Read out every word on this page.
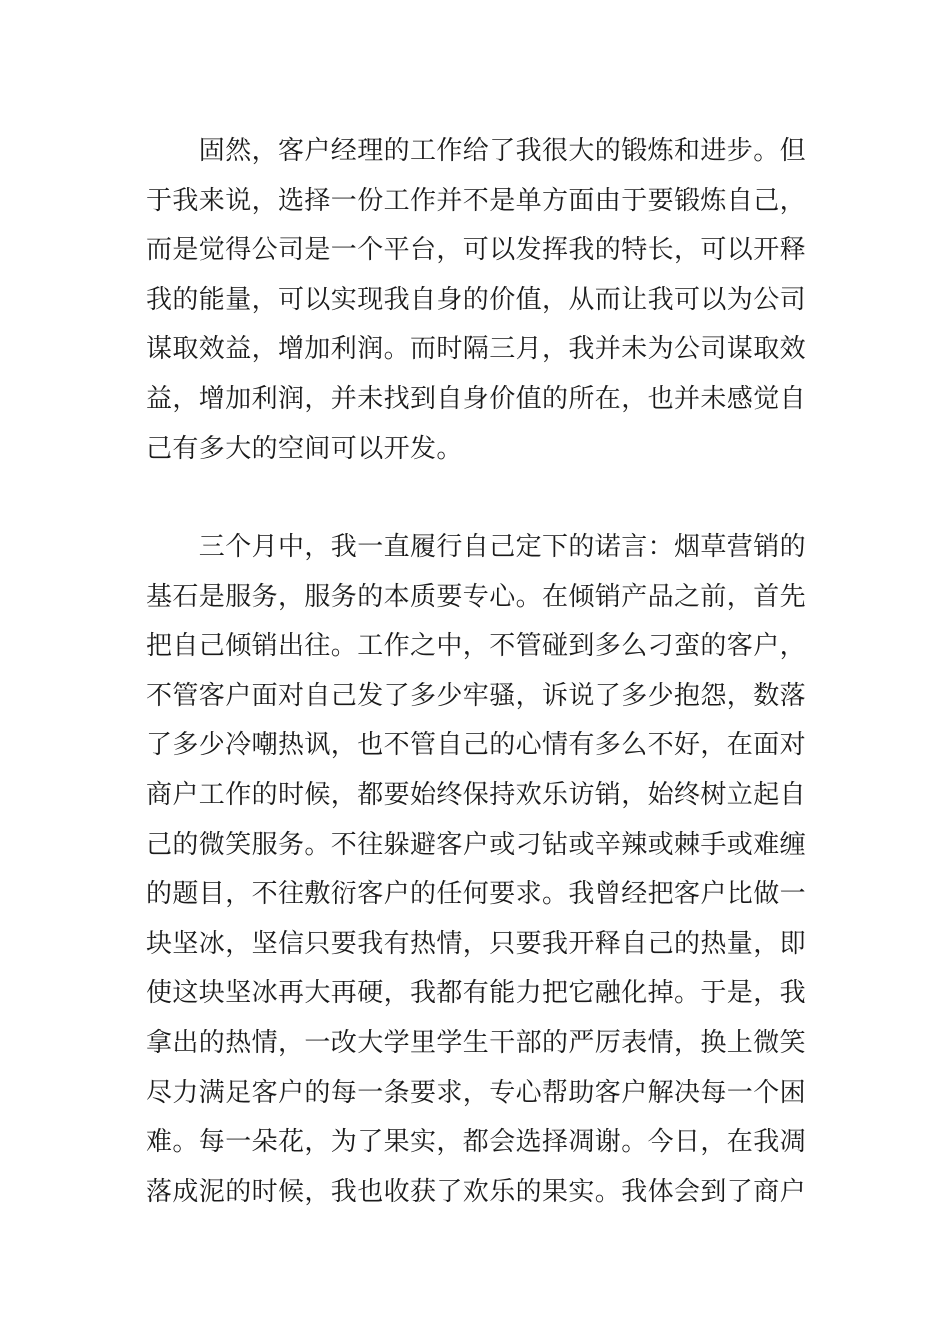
　　固然，客户经理的工作给了我很大的锻炼和进步。但
于我来说，选择一份工作并不是单方面由于要锻炼自己，
而是觉得公司是一个平台，可以发挥我的特长，可以开释
我的能量，可以实现我自身的价值，从而让我可以为公司
谋取效益，增加利润。而时隔三月，我并未为公司谋取效
益，增加利润，并未找到自身价值的所在，也并未感觉自
己有多大的空间可以开发。
　　三个月中，我一直履行自己定下的诺言：烟草营销的
基石是服务，服务的本质要专心。在倾销产品之前，首先
把自己倾销出往。工作之中，不管碰到多么刁蛮的客户，
不管客户面对自己发了多少牢骚，诉说了多少抱怨，数落
了多少冷嘲热讽，也不管自己的心情有多么不好，在面对
商户工作的时候，都要始终保持欢乐访销，始终树立起自
己的微笑服务。不往躲避客户或刁钻或辛辣或棘手或难缠
的题目，不往敷衍客户的任何要求。我曾经把客户比做一
块坚冰，坚信只要我有热情，只要我开释自己的热量，即
使这块坚冰再大再硬，我都有能力把它融化掉。于是，我
拿出的热情，一改大学里学生干部的严厉表情，换上微笑
尽力满足客户的每一条要求，专心帮助客户解决每一个困
难。每一朵花，为了果实，都会选择凋谢。今日，在我凋
落成泥的时候，我也收获了欢乐的果实。我体会到了商户
